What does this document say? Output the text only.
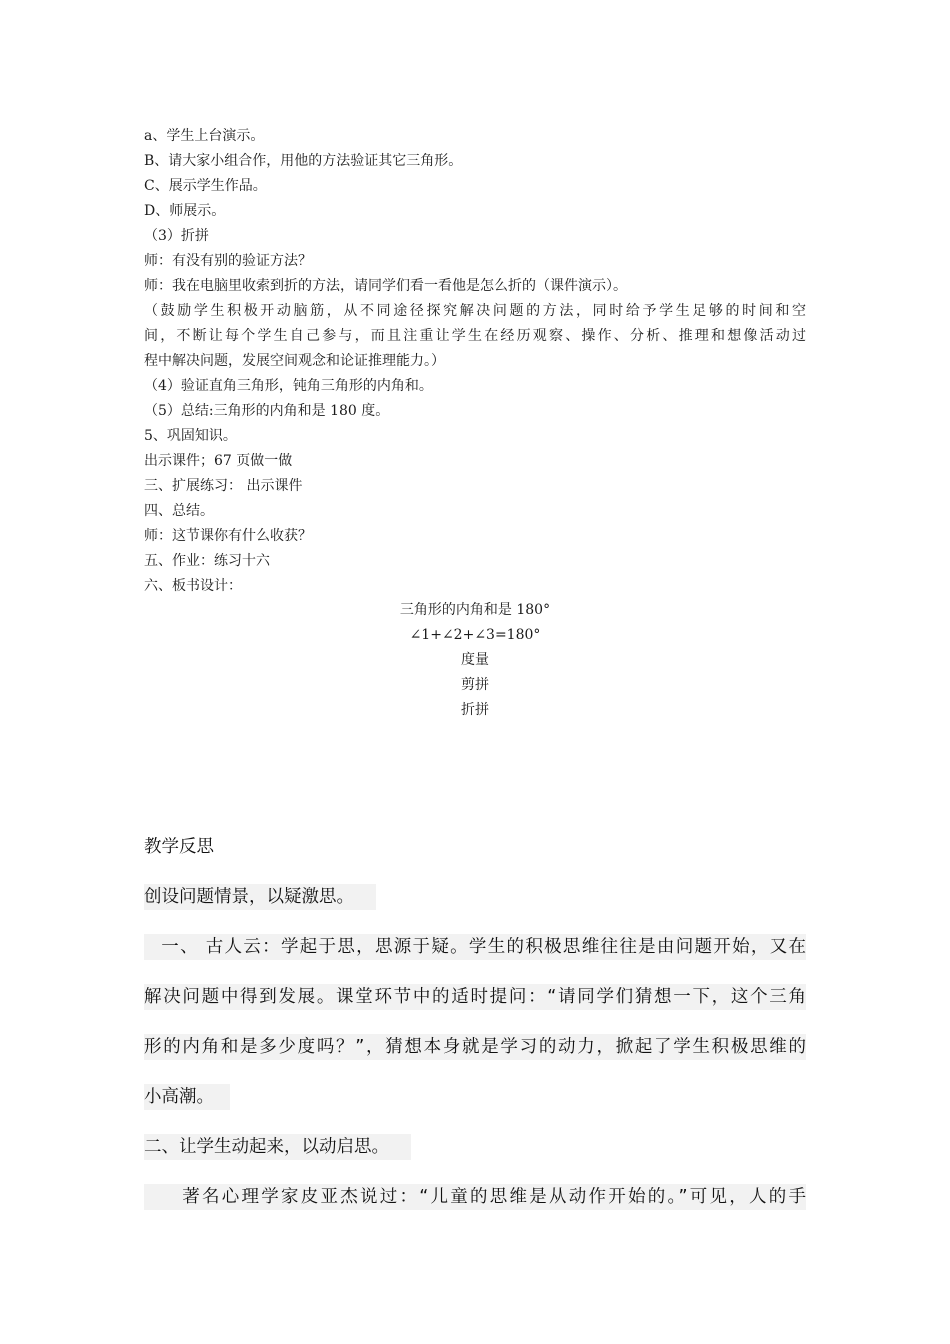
a、学生上台演示。
B、请大家小组合作，用他的方法验证其它三角形。
C、展示学生作品。
D、师展示。
（3）折拼
师：有没有别的验证方法？
师：我在电脑里收索到折的方法，请同学们看一看他是怎么折的（课件演示）。
（鼓励学生积极开动脑筋，从不同途径探究解决问题的方法，同时给予学生足够的时间和空
间，不断让每个学生自己参与，而且注重让学生在经历观察、操作、分析、推理和想像活动过
程中解决问题，发展空间观念和论证推理能力。）
（4）验证直角三角形，钝角三角形的内角和。
（5）总结:三角形的内角和是 180 度。
5、巩固知识。
出示课件；67 页做一做
三、扩展练习： 出示课件
四、总结。
师：这节课你有什么收获？
五、作业：练习十六
六、板书设计：
三角形的内角和是 180°
∠1+∠2+∠3=180°
度量
剪拼
折拼
教学反思
创设问题情景，以疑激思。
一、 古人云：学起于思，思源于疑。学生的积极思维往往是由问题开始，又在
解决问题中得到发展。课堂环节中的适时提问：“请同学们猜想一下，这个三角
形的内角和是多少度吗？”，猜想本身就是学习的动力，掀起了学生积极思维的
小高潮。
二、让学生动起来，以动启思。
著名心理学家皮亚杰说过：“儿童的思维是从动作开始的。”可见，人的手
